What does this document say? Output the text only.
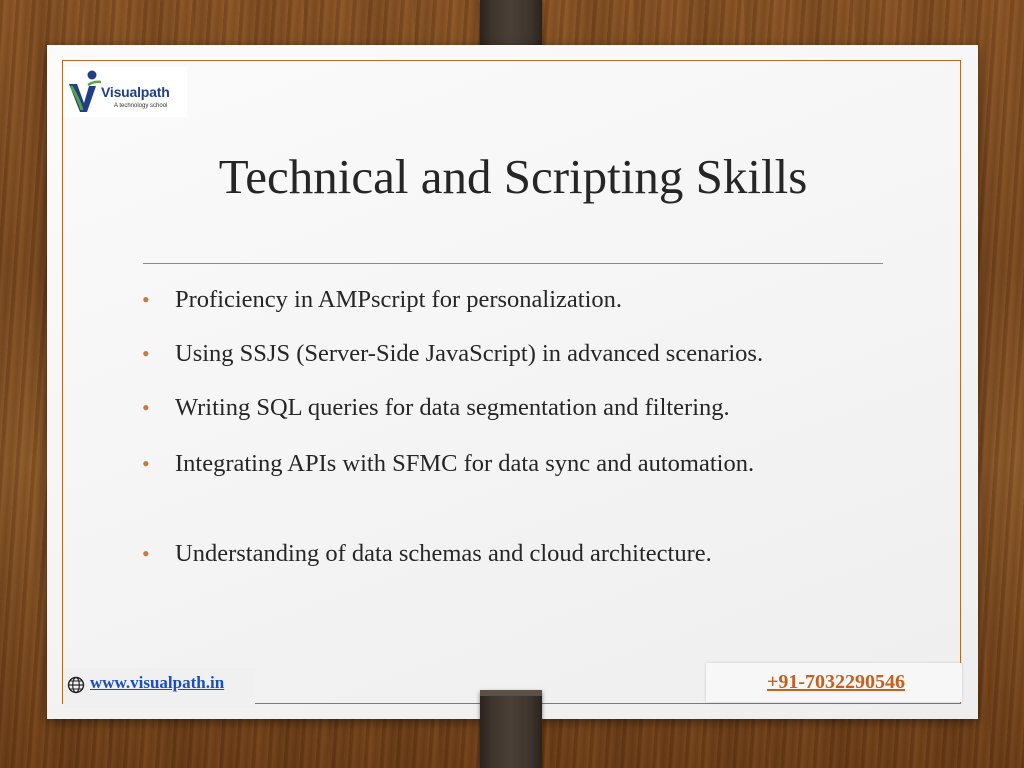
Visualpath
A technology school
Technical and Scripting Skills
• Proficiency in AMPscript for personalization.
• Using SSJS (Server-Side JavaScript) in advanced scenarios.
• Writing SQL queries for data segmentation and filtering.
• Integrating APIs with SFMC for data sync and automation.
• Understanding of data schemas and cloud architecture.
www.visualpath.in	+91-7032290546
